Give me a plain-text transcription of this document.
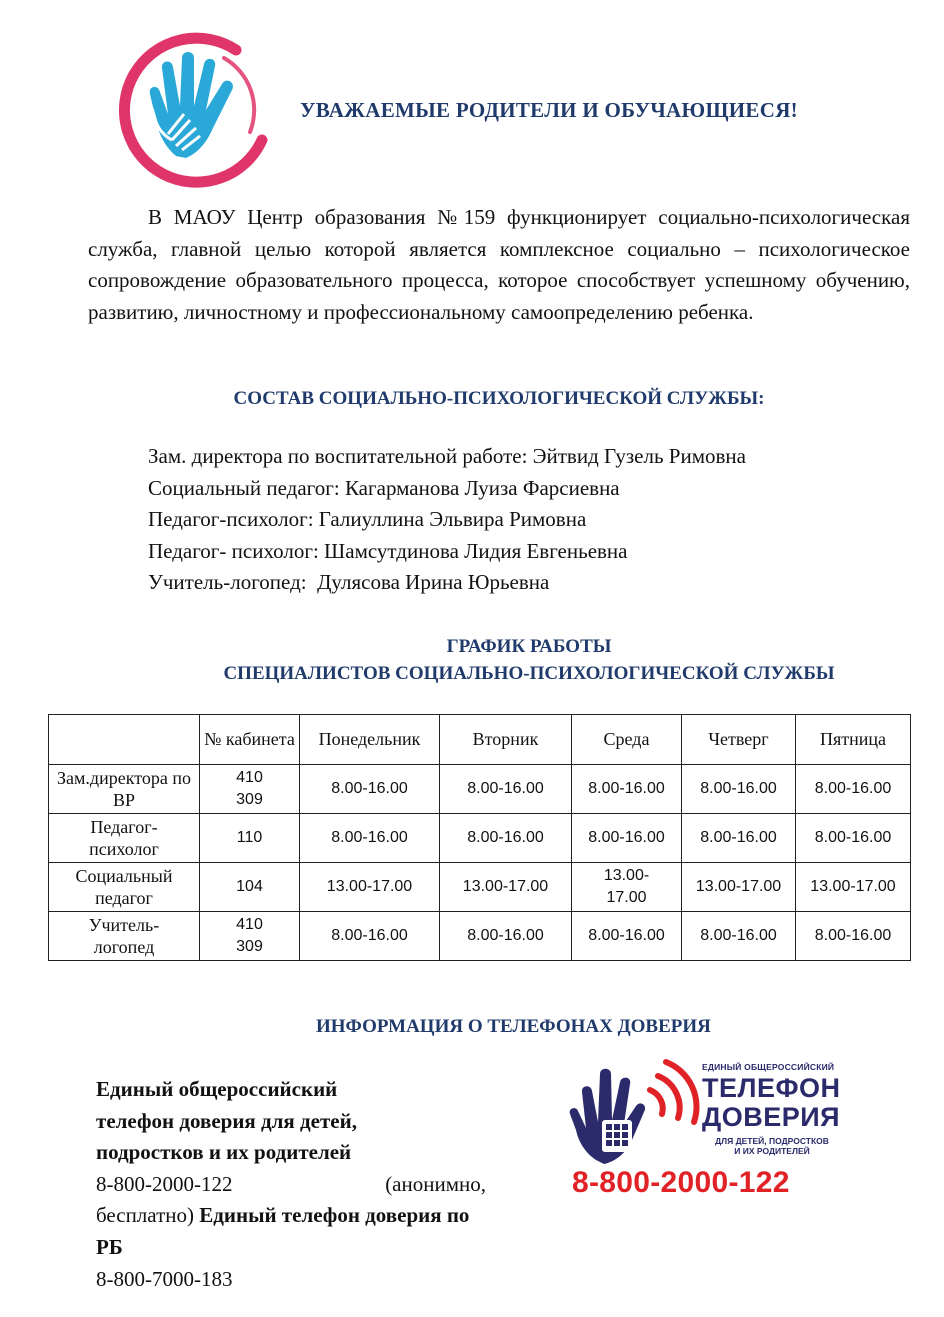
УВАЖАЕМЫЕ РОДИТЕЛИ И ОБУЧАЮЩИЕСЯ!

В МАОУ Центр образования №159 функционирует социально-психологическая служба, главной целью которой является комплексное социально – психологическое сопровождение образовательного процесса, которое способствует успешному обучению, развитию, личностному и профессиональному самоопределению ребенка.

СОСТАВ СОЦИАЛЬНО-ПСИХОЛОГИЧЕСКОЙ СЛУЖБЫ:
Зам. директора по воспитательной работе: Эйтвид Гузель Римовна
Социальный педагог: Кагарманова Луиза Фарсиевна
Педагог-психолог: Галиуллина Эльвира Римовна
Педагог- психолог: Шамсутдинова Лидия Евгеньевна
Учитель-логопед:  Дулясова Ирина Юрьевна
ГРАФИК РАБОТЫ
СПЕЦИАЛИСТОВ СОЦИАЛЬНО-ПСИХОЛОГИЧЕСКОЙ СЛУЖБЫ
	№ кабинета	Понедельник	Вторник	Среда	Четверг	Пятница
Зам.директора по ВР	410 309	8.00-16.00	8.00-16.00	8.00-16.00	8.00-16.00	8.00-16.00
Педагог-психолог	110	8.00-16.00	8.00-16.00	8.00-16.00	8.00-16.00	8.00-16.00
Социальный педагог	104	13.00-17.00	13.00-17.00	13.00-17.00	13.00-17.00	13.00-17.00
Учитель-логопед	410 309	8.00-16.00	8.00-16.00	8.00-16.00	8.00-16.00	8.00-16.00
ИНФОРМАЦИЯ О ТЕЛЕФОНАХ ДОВЕРИЯ
Единый общероссийский телефон доверия для детей, подростков и их родителей
8-800-2000-122	(анонимно,
бесплатно) Единый телефон доверия по РБ
8-800-7000-183
ЕДИНЫЙ ОБЩЕРОССИЙСКИЙ
ТЕЛЕФОН
ДОВЕРИЯ
ДЛЯ ДЕТЕЙ, ПОДРОСТКОВ
И ИХ РОДИТЕЛЕЙ
8-800-2000-122
